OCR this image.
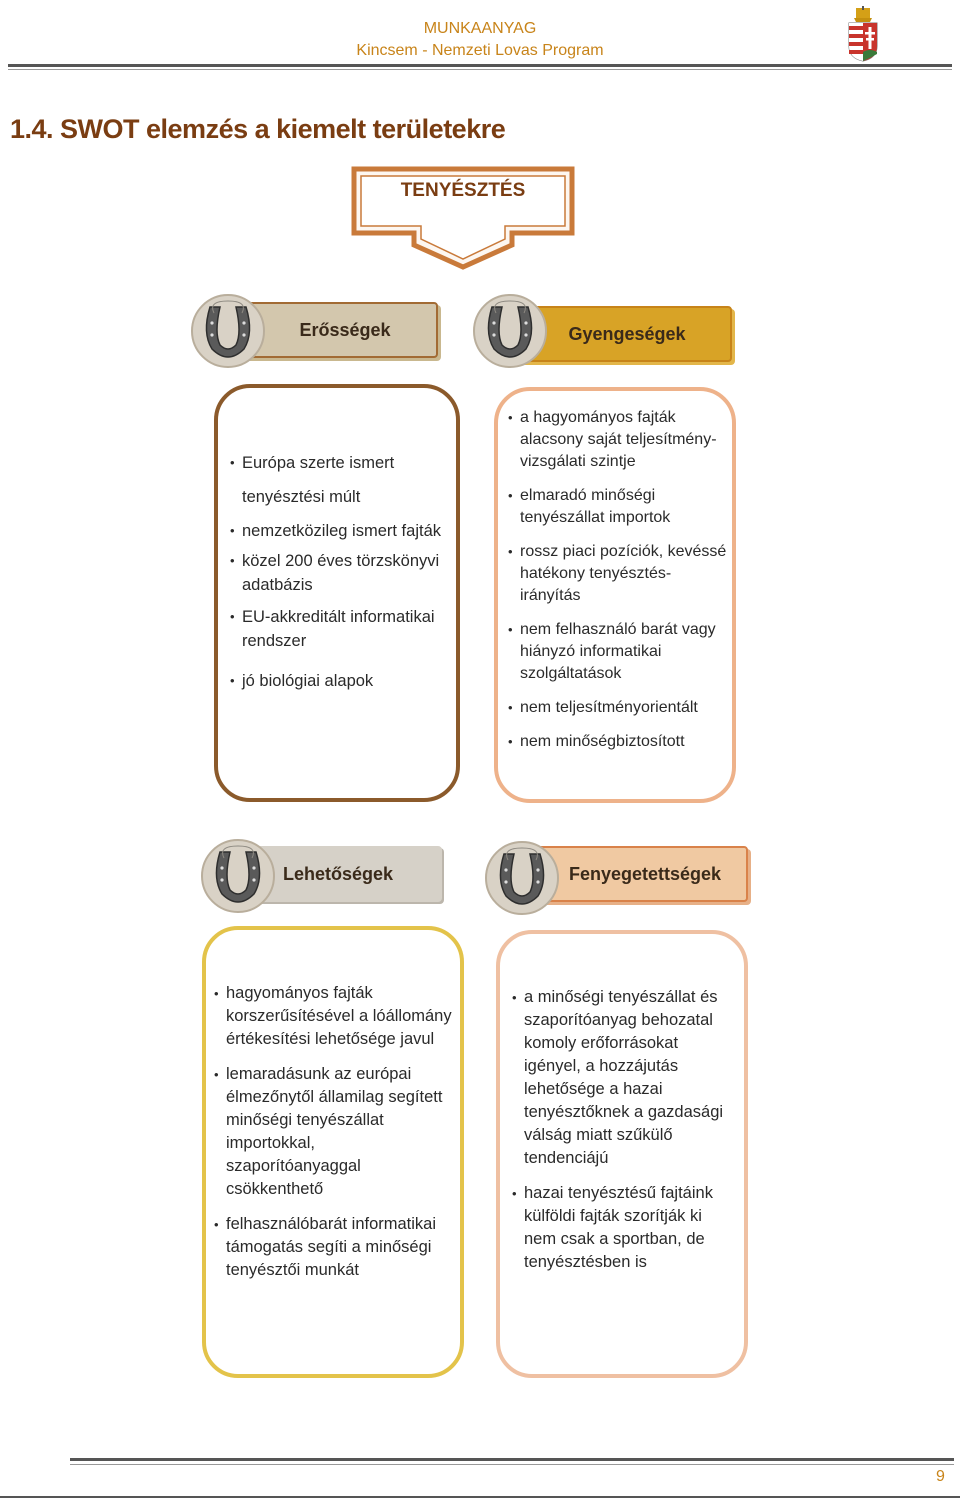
MUNKAANYAG
Kincsem - Nemzeti Lovas Program
1.4. SWOT elemzés a kiemelt területekre
TENYÉSZTÉS
Erősségek
• Európa szerte ismert
tenyésztési múlt
• nemzetközileg ismert fajták
• közel 200 éves törzskönyvi
adatbázis
• EU-akkreditált informatikai
rendszer
• jó biológiai alapok
Gyengeségek
• a hagyományos fajták alacsony saját teljesítmény-vizsgálati szintje
• elmaradó minőségi tenyészállat importok
• rossz piaci pozíciók, kevéssé hatékony tenyésztés-irányítás
• nem felhasználó barát vagy hiányzó informatikai szolgáltatások
• nem teljesítményorientált
• nem minőségbiztosított
Lehetőségek
• hagyományos fajták korszerűsítésével a lóállomány értékesítési lehetősége javul
• lemaradásunk az európai élmezőnytől államilag segített minőségi tenyészállat importokkal, szaporítóanyaggal csökkenthető
• felhasználóbarát informatikai támogatás segíti a minőségi tenyésztői munkát
Fenyegetettségek
• a minőségi tenyészállat és szaporítóanyag behozatal komoly erőforrásokat igényel, a hozzájutás lehetősége a hazai tenyésztőknek a gazdasági válság miatt szűkülő tendenciájú
• hazai tenyésztésű fajtáink külföldi fajták szorítják ki nem csak a sportban, de tenyésztésben is
9
